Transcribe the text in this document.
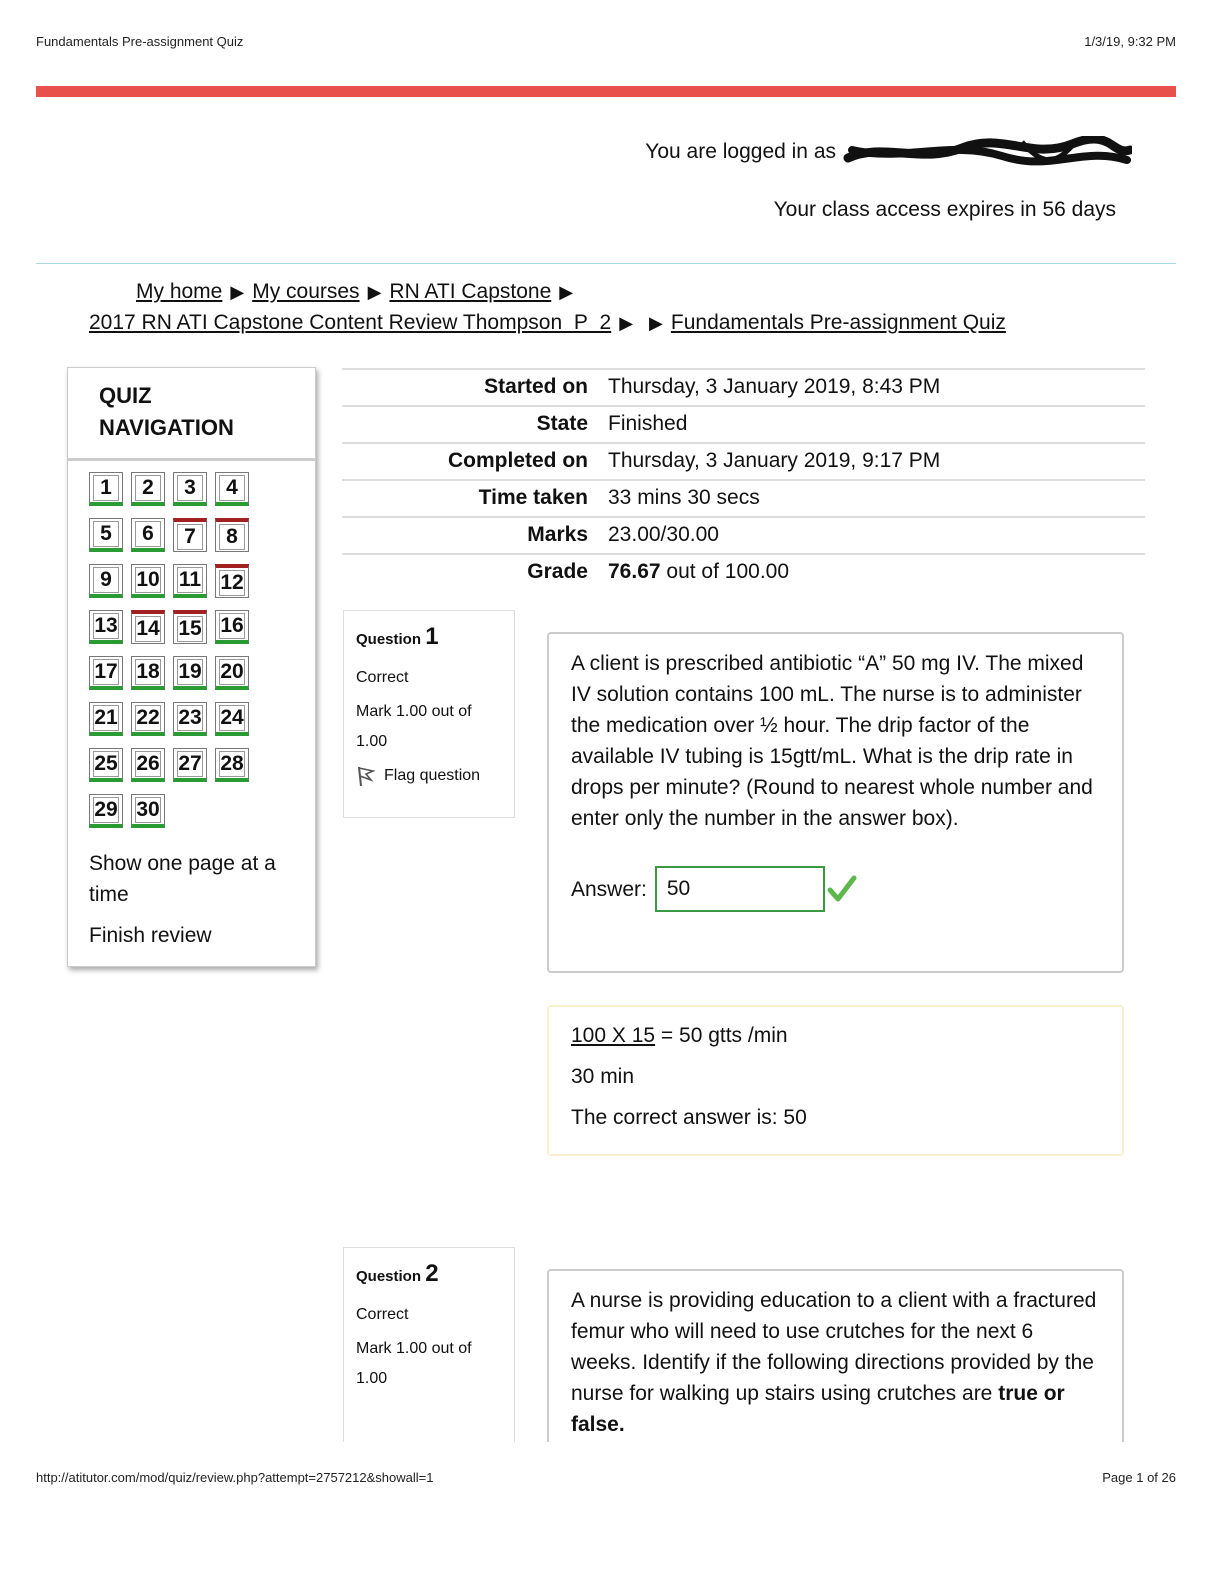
Fundamentals Pre-assignment Quiz	1/3/19, 9:32 PM
You are logged in as
Your class access expires in 56 days
My home ▶ My courses ▶ RN ATI Capstone ▶
2017 RN ATI Capstone Content Review Thompson_P_2 ▶ ▶ Fundamentals Pre-assignment Quiz
QUIZ NAVIGATION
1	2	3	4
5	6	7	8
9	10 11 12
13 14 15 16
17 18 19 20
21 22 23 24
25 26 27 28
29 30
Show one page at a time
Finish review
Started on	Thursday, 3 January 2019, 8:43 PM
State	Finished
Completed on	Thursday, 3 January 2019, 9:17 PM
Time taken	33 mins 30 secs
Marks	23.00/30.00
Grade	76.67 out of 100.00
Question 1
Correct
Mark 1.00 out of 1.00
Flag question
A client is prescribed antibiotic “A” 50 mg IV. The mixed IV solution contains 100 mL. The nurse is to administer the medication over ½ hour. The drip factor of the available IV tubing is 15gtt/mL. What is the drip rate in drops per minute? (Round to nearest whole number and enter only the number in the answer box).
Answer: 50
100 X 15 = 50 gtts /min
30 min
The correct answer is: 50
Question 2
Correct
Mark 1.00 out of 1.00
A nurse is providing education to a client with a fractured femur who will need to use crutches for the next 6 weeks. Identify if the following directions provided by the nurse for walking up stairs using crutches are true or false.
http://atitutor.com/mod/quiz/review.php?attempt=2757212&showall=1	Page 1 of 26
